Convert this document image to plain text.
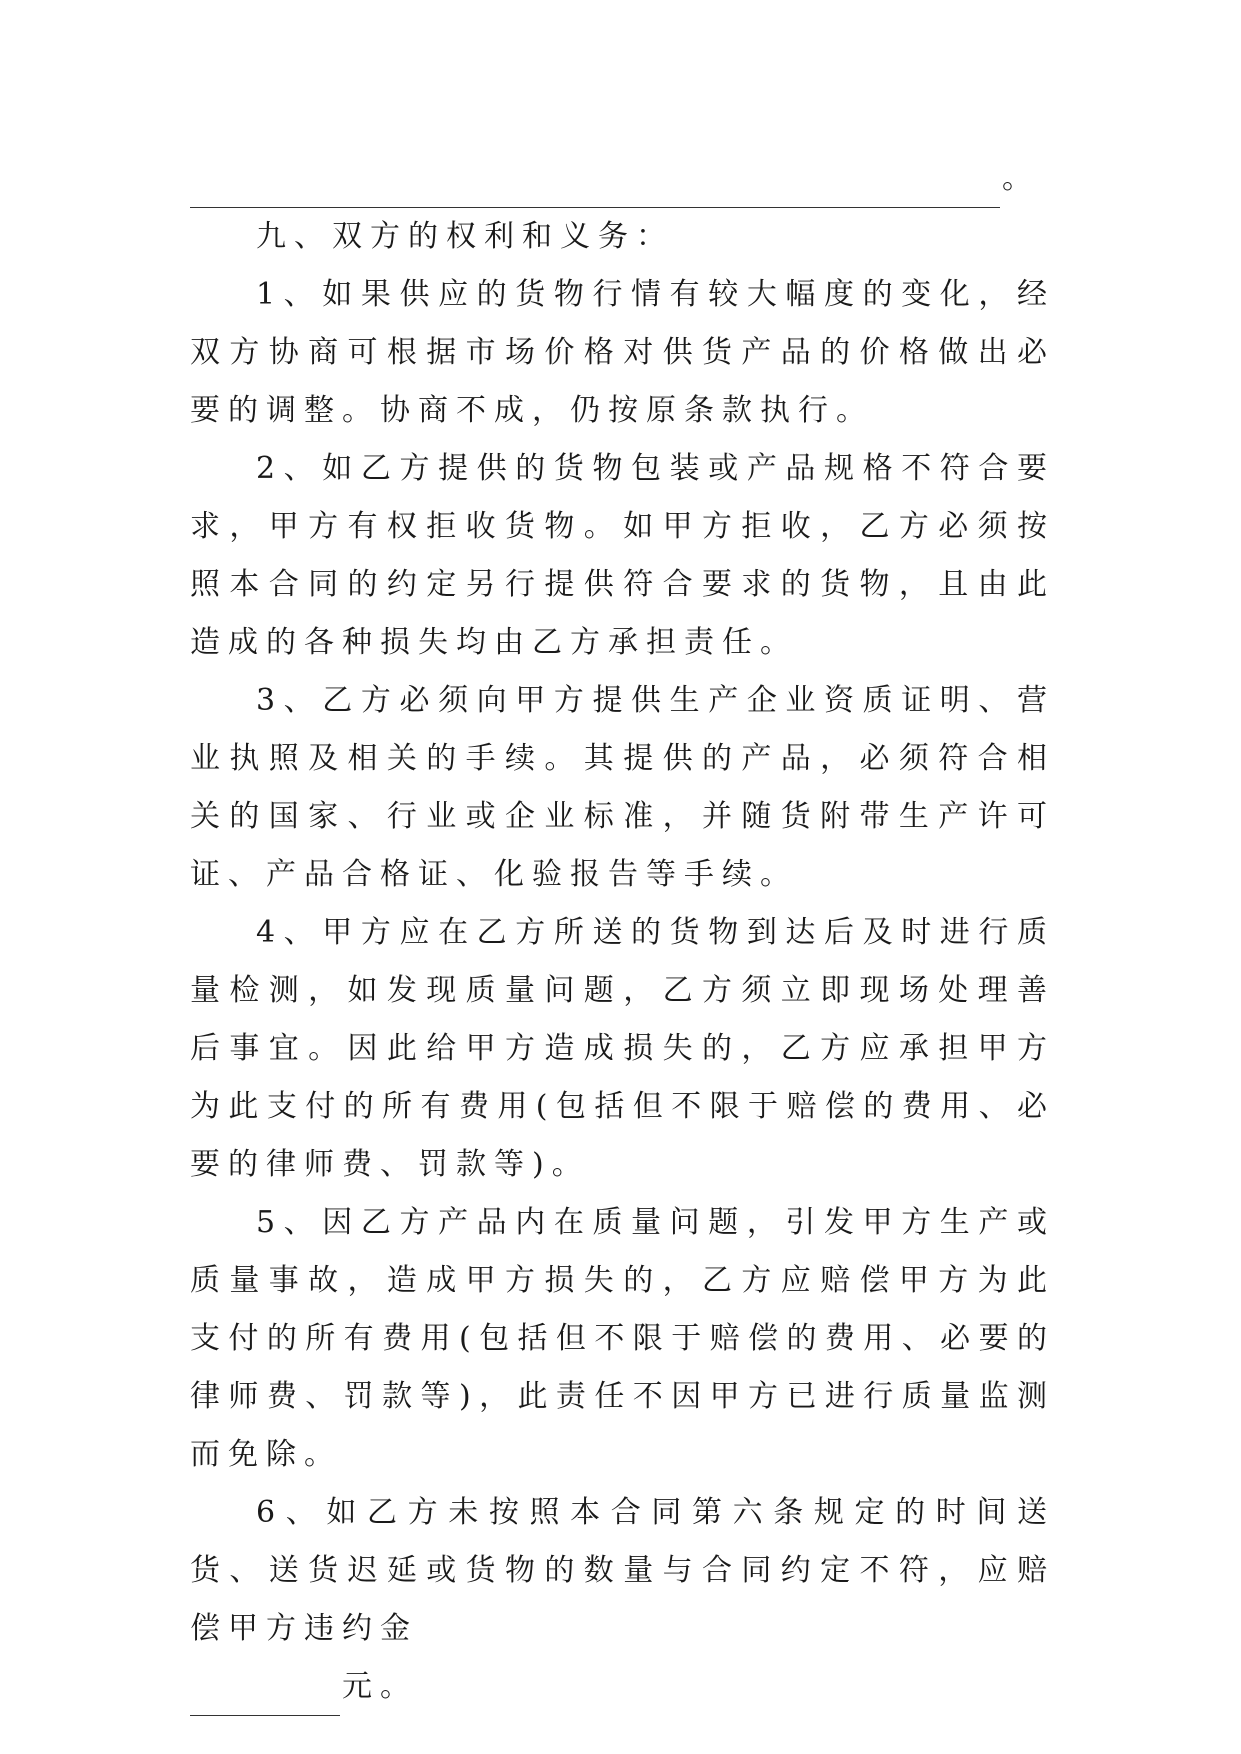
。

九、双方的权利和义务：

1、如果供应的货物行情有较大幅度的变化，经双方协商可根据市场价格对供货产品的价格做出必要的调整。协商不成，仍按原条款执行。

2、如乙方提供的货物包装或产品规格不符合要求，甲方有权拒收货物。如甲方拒收，乙方必须按照本合同的约定另行提供符合要求的货物，且由此造成的各种损失均由乙方承担责任。

3、乙方必须向甲方提供生产企业资质证明、营业执照及相关的手续。其提供的产品，必须符合相关的国家、行业或企业标准，并随货附带生产许可证、产品合格证、化验报告等手续。

4、甲方应在乙方所送的货物到达后及时进行质量检测，如发现质量问题，乙方须立即现场处理善后事宜。因此给甲方造成损失的，乙方应承担甲方为此支付的所有费用(包括但不限于赔偿的费用、必要的律师费、罚款等)。

5、因乙方产品内在质量问题，引发甲方生产或质量事故，造成甲方损失的，乙方应赔偿甲方为此支付的所有费用(包括但不限于赔偿的费用、必要的律师费、罚款等)，此责任不因甲方已进行质量监测而免除。

6、如乙方未按照本合同第六条规定的时间送货、送货迟延或货物的数量与合同约定不符，应赔偿甲方违约金

元。
